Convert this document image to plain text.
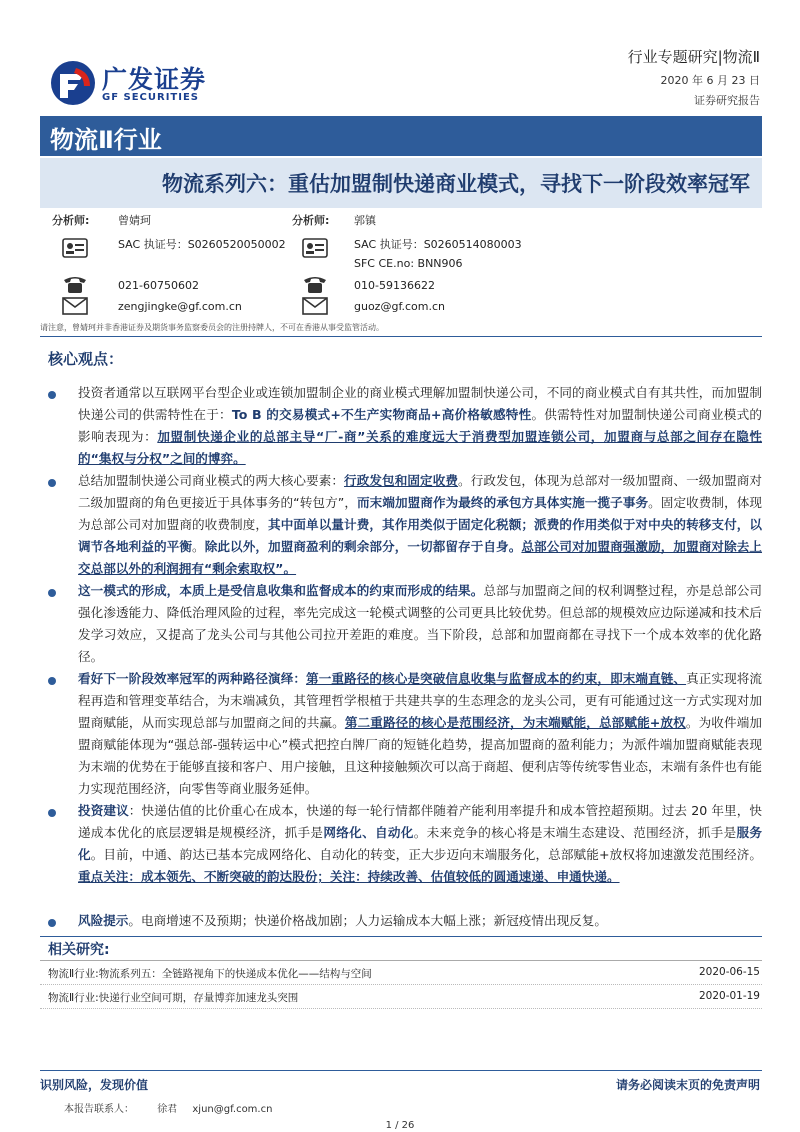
广发证券
GF SECURITIES
行业专题研究|物流Ⅱ
2020 年 6 月 23 日
证券研究报告
物流Ⅱ行业
物流系列六：重估加盟制快递商业模式，寻找下一阶段效率冠军
分析师:	曾婧珂
SAC 执证号：S0260520050002
021-60750602
zengjingke@gf.com.cn
分析师: 郭镇
SAC 执证号：S0260514080003
SFC CE.no: BNN906
010-59136622
guoz@gf.com.cn
请注意，曾婧珂并非香港证券及期货事务监察委员会的注册持牌人，不可在香港从事受监管活动。
核心观点：
投资者通常以互联网平台型企业或连锁加盟制企业的商业模式理解加盟制快递公司，不同的商业模式自有其共性，而加盟制快递公司的供需特性在于：To B 的交易模式+不生产实物商品+高价格敏感特性。供需特性对加盟制快递公司商业模式的影响表现为：加盟制快递企业的总部主导“厂-商”关系的难度远大于消费型加盟连锁公司，加盟商与总部之间存在隐性的“集权与分权”之间的博弈。
总结加盟制快递公司商业模式的两大核心要素：行政发包和固定收费。行政发包，体现为总部对一级加盟商、一级加盟商对二级加盟商的角色更接近于具体事务的“转包方”，而末端加盟商作为最终的承包方具体实施一揽子事务。固定收费制，体现为总部公司对加盟商的收费制度，其中面单以量计费，其作用类似于固定化税额；派费的作用类似于对中央的转移支付，以调节各地利益的平衡。除此以外，加盟商盈利的剩余部分，一切都留存于自身。总部公司对加盟商强激励，加盟商对除去上交总部以外的利润拥有“剩余索取权”。
这一模式的形成，本质上是受信息收集和监督成本的约束而形成的结果。总部与加盟商之间的权利调整过程，亦是总部公司强化渗透能力、降低治理风险的过程，率先完成这一轮模式调整的公司更具比较优势。但总部的规模效应边际递减和技术后发学习效应，又提高了龙头公司与其他公司拉开差距的难度。当下阶段，总部和加盟商都在寻找下一个成本效率的优化路径。
看好下一阶段效率冠军的两种路径演绎：第一重路径的核心是突破信息收集与监督成本的约束，即末端直链、真正实现将流程再造和管理变革结合，为末端减负，其管理哲学根植于共建共享的生态理念的龙头公司，更有可能通过这一方式实现对加盟商赋能，从而实现总部与加盟商之间的共赢。第二重路径的核心是范围经济，为末端赋能，总部赋能+放权。为收件端加盟商赋能体现为“强总部-强转运中心”模式把控白牌厂商的短链化趋势，提高加盟商的盈利能力；为派件端加盟商赋能表现为末端的优势在于能够直接和客户、用户接触，且这种接触频次可以高于商超、便利店等传统零售业态，末端有条件也有能力实现范围经济，向零售等商业服务延伸。
投资建议：快递估值的比价重心在成本，快递的每一轮行情都伴随着产能利用率提升和成本管控超预期。过去 20 年里，快递成本优化的底层逻辑是规模经济，抓手是网络化、自动化。未来竞争的核心将是末端生态建设、范围经济，抓手是服务化。目前，中通、韵达已基本完成网络化、自动化的转变，正大步迈向末端服务化，总部赋能+放权将加速激发范围经济。重点关注：成本领先、不断突破的韵达股份；关注：持续改善、估值较低的圆通速递、申通快递。
风险提示。电商增速不及预期；快递价格战加剧；人力运输成本大幅上涨；新冠疫情出现反复。
相关研究:
物流Ⅱ行业:物流系列五：全链路视角下的快递成本优化——结构与空间	2020-06-15
物流Ⅱ行业:快递行业空间可期，存量博弈加速龙头突围	2020-01-19
识别风险，发现价值	请务必阅读末页的免责声明
本报告联系人： 徐君 xjun@gf.com.cn
1 / 26
